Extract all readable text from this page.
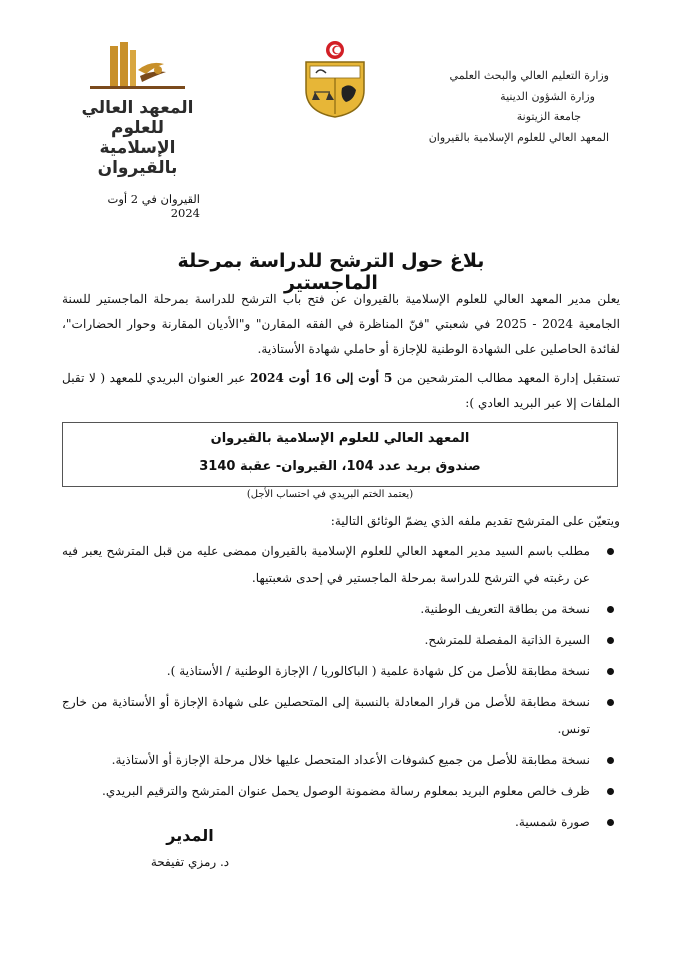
المعهد العالي للعلوم الإسلامية بالقيروان
وزارة التعليم العالي والبحث العلمي
وزارة الشؤون الدينية
جامعة الزيتونة
المعهد العالي للعلوم الإسلامية بالقيروان
القيروان في 2 أوت 2024
بلاغ حول الترشح للدراسة بمرحلة الماجستير
يعلن مدير المعهد العالي للعلوم الإسلامية بالقيروان عن فتح باب الترشح للدراسة بمرحلة الماجستير للسنة الجامعية 2024 - 2025 في شعبتي "فنّ المناظرة في الفقه المقارن" و"الأديان المقارنة وحوار الحضارات"، لفائدة الحاصلين على الشهادة الوطنية للإجازة أو حاملي شهادة الأستاذية.
تستقبل إدارة المعهد مطالب المترشحين من 5 أوت إلى 16 أوت 2024 عبر العنوان البريدي للمعهد ( لا تقبل الملفات إلا عبر البريد العادي ):
المعهد العالي للعلوم الإسلامية بالقيروان
صندوق بريد عدد 104، القيروان- عقبة 3140
(يعتمد الختم البريدي في احتساب الأجل)
ويتعيّن على المترشح تقديم ملفه الذي يضمّ الوثائق التالية:
مطلب باسم السيد مدير المعهد العالي للعلوم الإسلامية بالقيروان ممضى عليه من قبل المترشح يعبر فيه عن رغبته في الترشح للدراسة بمرحلة الماجستير في إحدى شعبتيها.
نسخة من بطاقة التعريف الوطنية.
السيرة الذاتية المفصلة للمترشح.
نسخة مطابقة للأصل من كل شهادة علمية ( الباكالوريا / الإجازة الوطنية / الأستاذية ).
نسخة مطابقة للأصل من قرار المعادلة بالنسبة إلى المتحصلين على شهادة الإجازة أو الأستاذية من خارج تونس.
نسخة مطابقة للأصل من جميع كشوفات الأعداد المتحصل عليها خلال مرحلة الإجازة أو الأستاذية.
ظرف خالص معلوم البريد بمعلوم رسالة مضمونة الوصول يحمل عنوان المترشح والترقيم البريدي.
صورة شمسية.
المدير
د. رمزي تفيفحة
